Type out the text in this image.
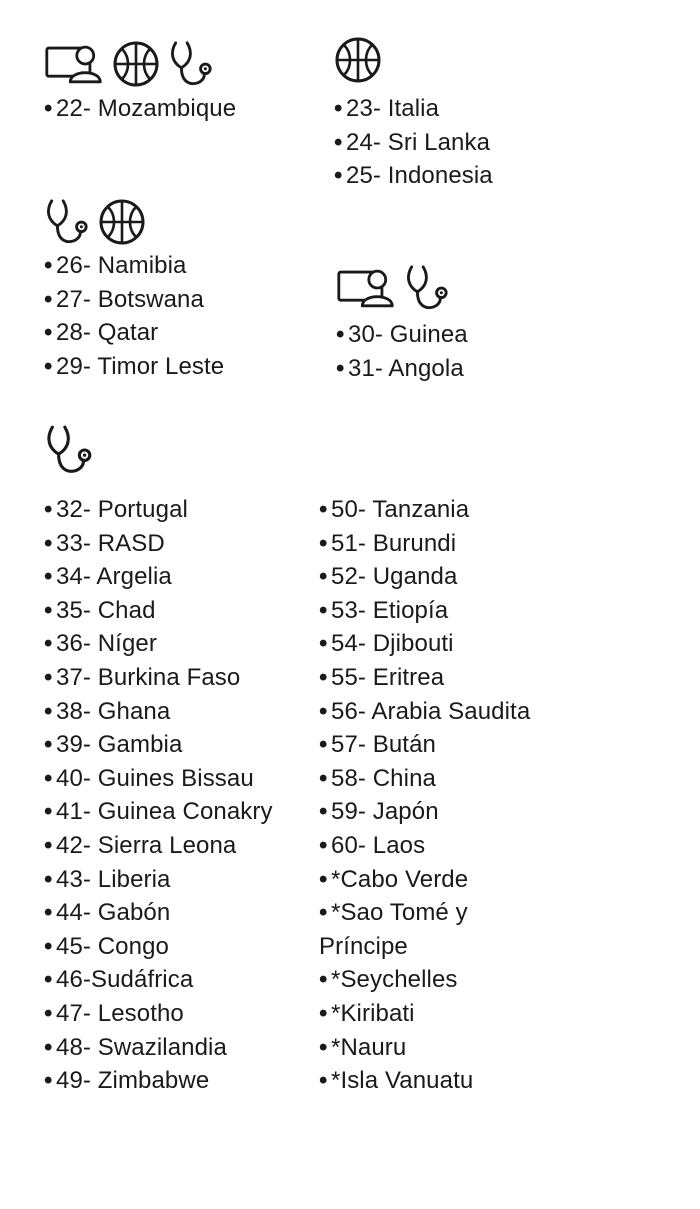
• 22- Mozambique	• 23- Italia
• 24- Sri Lanka
• 25- Indonesia
• 26- Namibia
• 27- Botswana
• 28- Qatar
• 29- Timor Leste
• 30- Guinea
• 31- Angola
• 32- Portugal
• 33- RASD
• 34- Argelia
• 35- Chad
• 36- Níger
• 37- Burkina Faso
• 38- Ghana
• 39- Gambia
• 40- Guines Bissau
• 41- Guinea Conakry
• 42- Sierra Leona
• 43- Liberia
• 44- Gabón
• 45- Congo
• 46-Sudáfrica
• 47- Lesotho
• 48- Swazilandia
• 49- Zimbabwe
• 50- Tanzania
• 51- Burundi
• 52- Uganda
• 53- Etiopía
• 54- Djibouti
• 55- Eritrea
• 56- Arabia Saudita
• 57- Bután
• 58- China
• 59- Japón
• 60- Laos
• *Cabo Verde
• *Sao Tomé y
Príncipe
• *Seychelles
• *Kiribati
• *Nauru
• *Isla Vanuatu
